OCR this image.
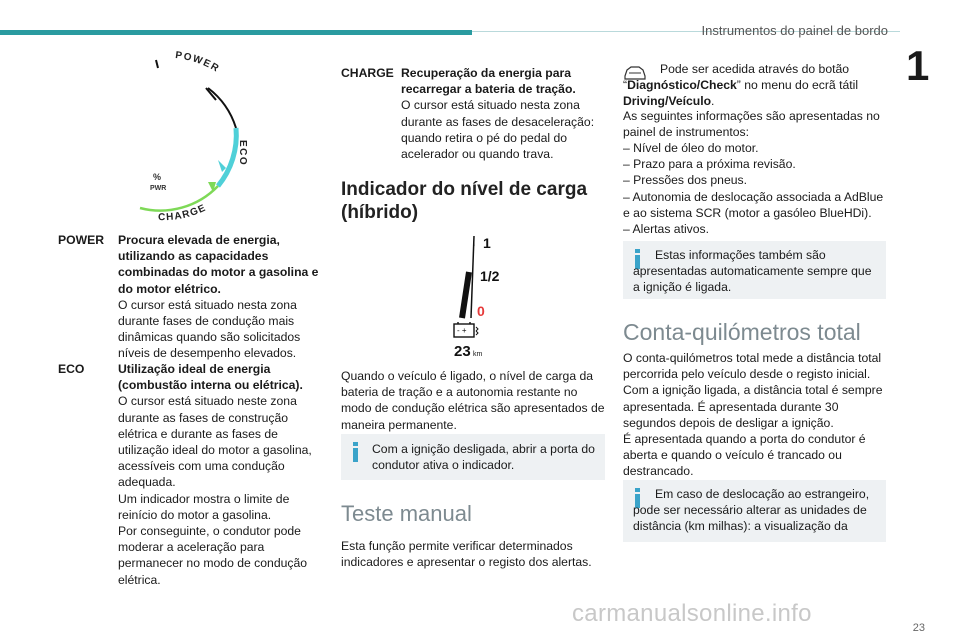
Instrumentos do painel de bordo
1
POWER
ECO
CHARGE
%
PWR
POWER Procura elevada de energia, utilizando as capacidades combinadas do motor a gasolina e do motor elétrico.
O cursor está situado nesta zona durante fases de condução mais dinâmicas quando são solicitados níveis de desempenho elevados.
ECO	Utilização ideal de energia (combustão interna ou elétrica).
O cursor está situado neste zona durante as fases de construção elétrica e durante as fases de utilização ideal do motor a gasolina, acessíveis com uma condução adequada.
Um indicador mostra o limite de reinício do motor a gasolina.
Por conseguinte, o condutor pode moderar a aceleração para permanecer no modo de condução elétrica.
CHARGE Recuperação da energia para recarregar a bateria de tração.
O cursor está situado nesta zona durante as fases de desaceleração: quando retira o pé do pedal do acelerador ou quando trava.
Indicador do nível de carga (híbrido)
1
1/2
0
- +
23 km
Quando o veículo é ligado, o nível de carga da bateria de tração e a autonomia restante no modo de condução elétrica são apresentados de maneira permanente.
Com a ignição desligada, abrir a porta do condutor ativa o indicador.
Teste manual
Esta função permite verificar determinados indicadores e apresentar o registo dos alertas.
Pode ser acedida através do botão “Diagnóstico/Check” no menu do ecrã tátil Driving/Veículo.
As seguintes informações são apresentadas no painel de instrumentos:
– Nível de óleo do motor.
– Prazo para a próxima revisão.
– Pressões dos pneus.
– Autonomia de deslocação associada a AdBlue e ao sistema SCR (motor a gasóleo BlueHDi).
– Alertas ativos.
Estas informações também são apresentadas automaticamente sempre que a ignição é ligada.
Conta-quilómetros total
O conta-quilómetros total mede a distância total percorrida pelo veículo desde o registo inicial.
Com a ignição ligada, a distância total é sempre apresentada. É apresentada durante 30 segundos depois de desligar a ignição.
É apresentada quando a porta do condutor é aberta e quando o veículo é trancado ou destrancado.
Em caso de deslocação ao estrangeiro, pode ser necessário alterar as unidades de distância (km milhas): a visualização da
23
carmanualsonline.info
